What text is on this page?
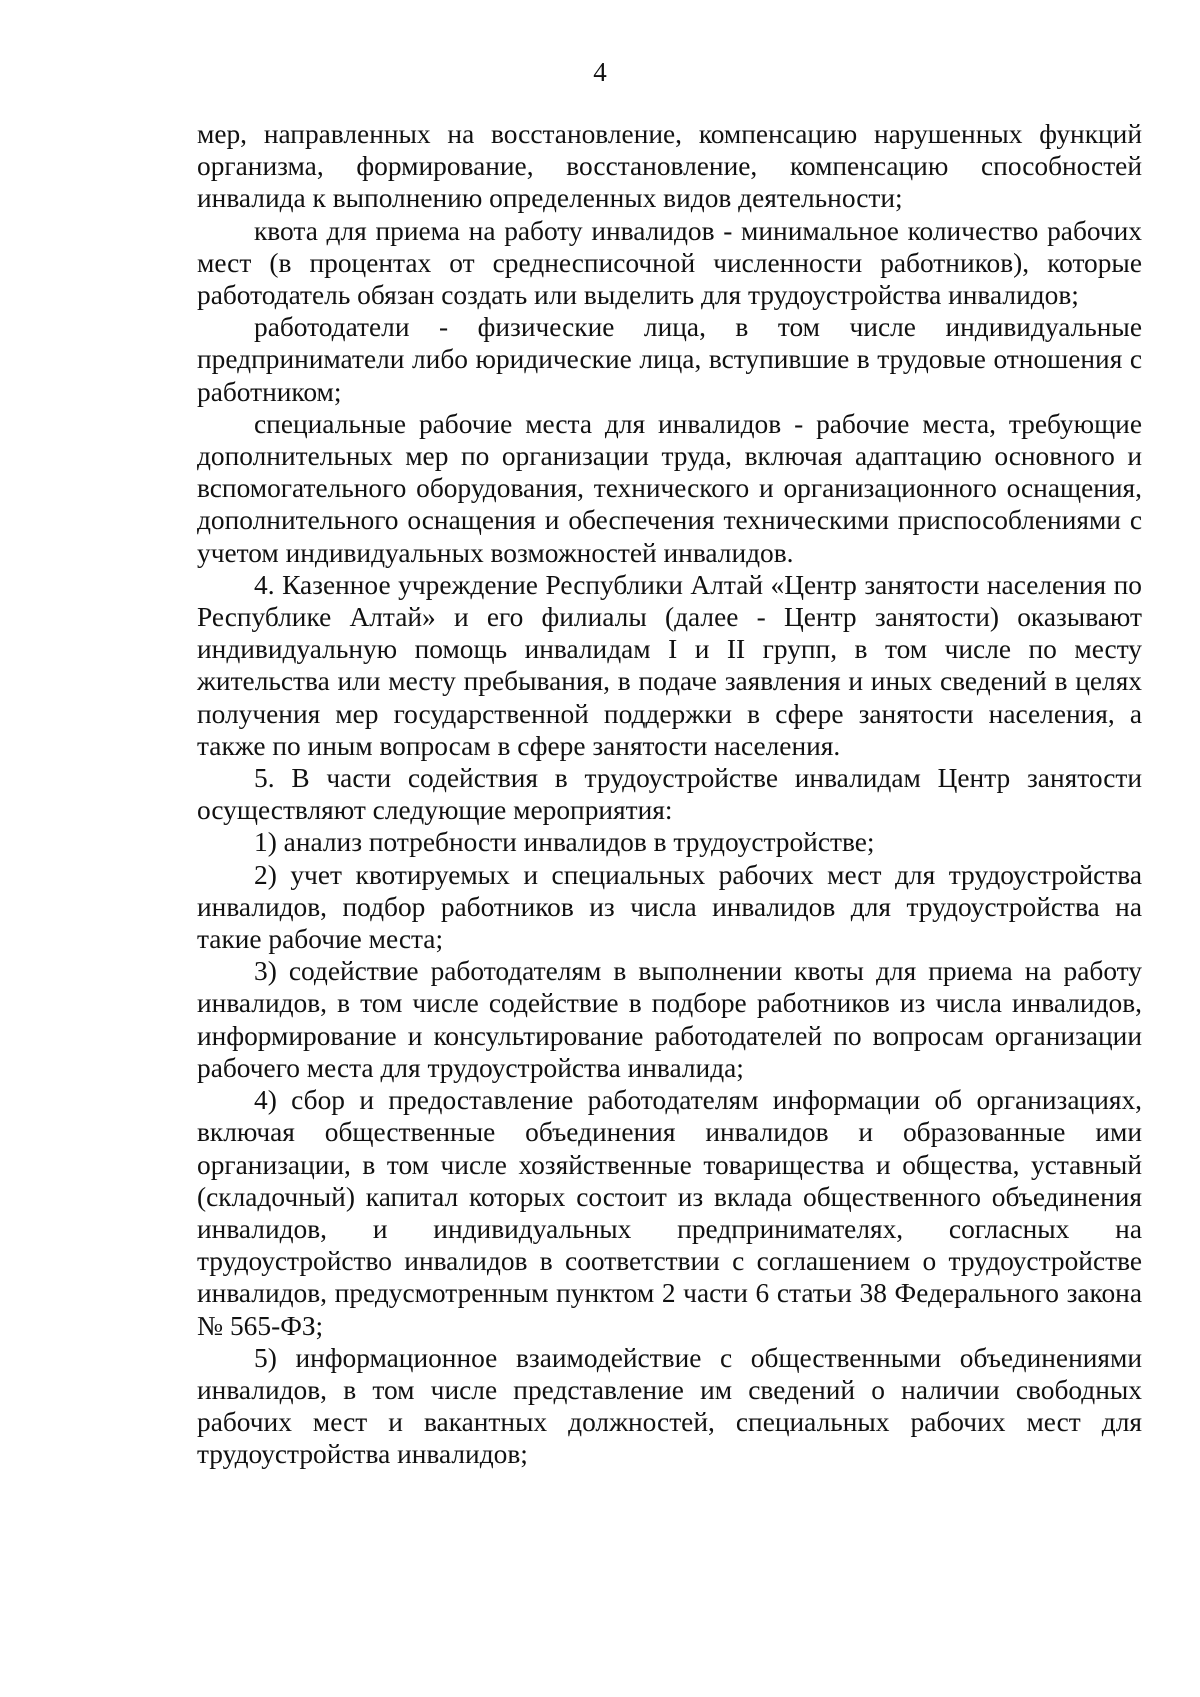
4

мер, направленных на восстановление, компенсацию нарушенных функций организма, формирование, восстановление, компенсацию способностей инвалида к выполнению определенных видов деятельности;

квота для приема на работу инвалидов - минимальное количество рабочих мест (в процентах от среднесписочной численности работников), которые работодатель обязан создать или выделить для трудоустройства инвалидов;

работодатели - физические лица, в том числе индивидуальные предприниматели либо юридические лица, вступившие в трудовые отношения с работником;

специальные рабочие места для инвалидов - рабочие места, требующие дополнительных мер по организации труда, включая адаптацию основного и вспомогательного оборудования, технического и организационного оснащения, дополнительного оснащения и обеспечения техническими приспособлениями с учетом индивидуальных возможностей инвалидов.

4. Казенное учреждение Республики Алтай «Центр занятости населения по Республике Алтай» и его филиалы (далее - Центр занятости) оказывают индивидуальную помощь инвалидам I и II групп, в том числе по месту жительства или месту пребывания, в подаче заявления и иных сведений в целях получения мер государственной поддержки в сфере занятости населения, а также по иным вопросам в сфере занятости населения.

5. В части содействия в трудоустройстве инвалидам Центр занятости осуществляют следующие мероприятия:

1) анализ потребности инвалидов в трудоустройстве;

2) учет квотируемых и специальных рабочих мест для трудоустройства инвалидов, подбор работников из числа инвалидов для трудоустройства на такие рабочие места;

3) содействие работодателям в выполнении квоты для приема на работу инвалидов, в том числе содействие в подборе работников из числа инвалидов, информирование и консультирование работодателей по вопросам организации рабочего места для трудоустройства инвалида;

4) сбор и предоставление работодателям информации об организациях, включая общественные объединения инвалидов и образованные ими организации, в том числе хозяйственные товарищества и общества, уставный (складочный) капитал которых состоит из вклада общественного объединения инвалидов, и индивидуальных предпринимателях, согласных на трудоустройство инвалидов в соответствии с соглашением о трудоустройстве инвалидов, предусмотренным пунктом 2 части 6 статьи 38 Федерального закона № 565-ФЗ;

5) информационное взаимодействие с общественными объединениями инвалидов, в том числе представление им сведений о наличии свободных рабочих мест и вакантных должностей, специальных рабочих мест для трудоустройства инвалидов;
